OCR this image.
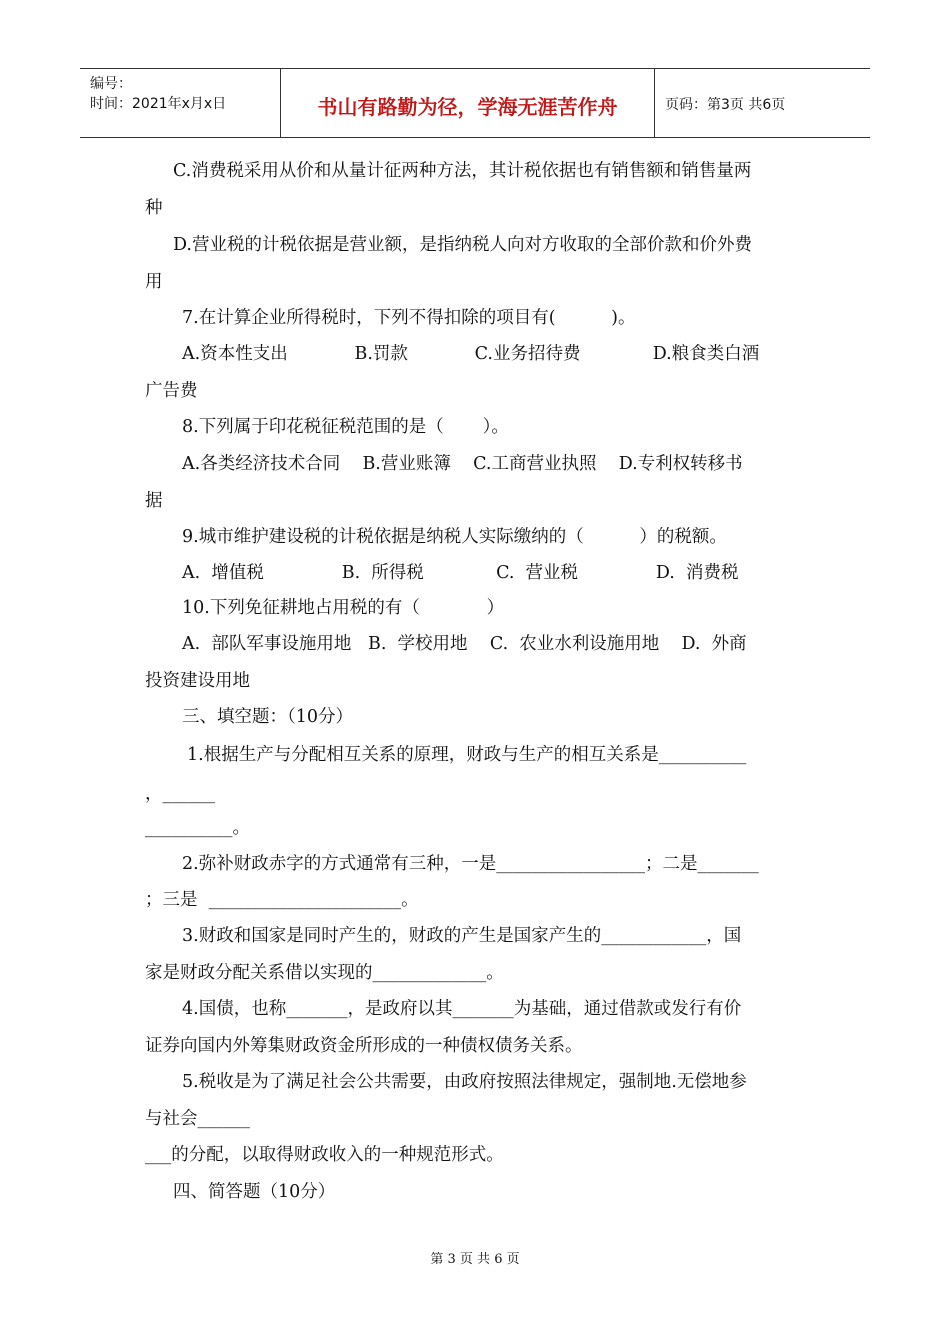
编号：
时间：2021年x月x日	书山有路勤为径，学海无涯苦作舟	页码：第3页 共6页
C.消费税采用从价和从量计征两种方法，其计税依据也有销售额和销售量两
种
D.营业税的计税依据是营业额，是指纳税人向对方收取的全部价款和价外费
用
7.在计算企业所得税时，下列不得扣除的项目有(          )。
A.资本性支出            B.罚款            C.业务招待费             D.粮食类白酒
广告费
8.下列属于印花税征税范围的是（       ）。
A.各类经济技术合同    B.营业账簿    C.工商营业执照    D.专利权转移书
据
9.城市维护建设税的计税依据是纳税人实际缴纳的（          ）的税额。
A.  增值税              B.  所得税             C.  营业税              D.  消费税
10.下列免征耕地占用税的有（            ）
A.  部队军事设施用地   B.  学校用地    C.  农业水利设施用地    D.  外商
投资建设用地
三、填空题：（10分）
1.根据生产与分配相互关系的原理，财政与生产的相互关系是__________
，______
__________。
2.弥补财政赤字的方式通常有三种，一是_________________；二是_______
；三是  ______________________。
3.财政和国家是同时产生的，财政的产生是国家产生的____________，国
家是财政分配关系借以实现的_____________。
4.国债，也称_______，是政府以其_______为基础，通过借款或发行有价
证券向国内外筹集财政资金所形成的一种债权债务关系。
5.税收是为了满足社会公共需要，由政府按照法律规定，强制地.无偿地参
与社会______
___的分配，以取得财政收入的一种规范形式。
四、简答题（10分）
第 3 页 共 6 页
